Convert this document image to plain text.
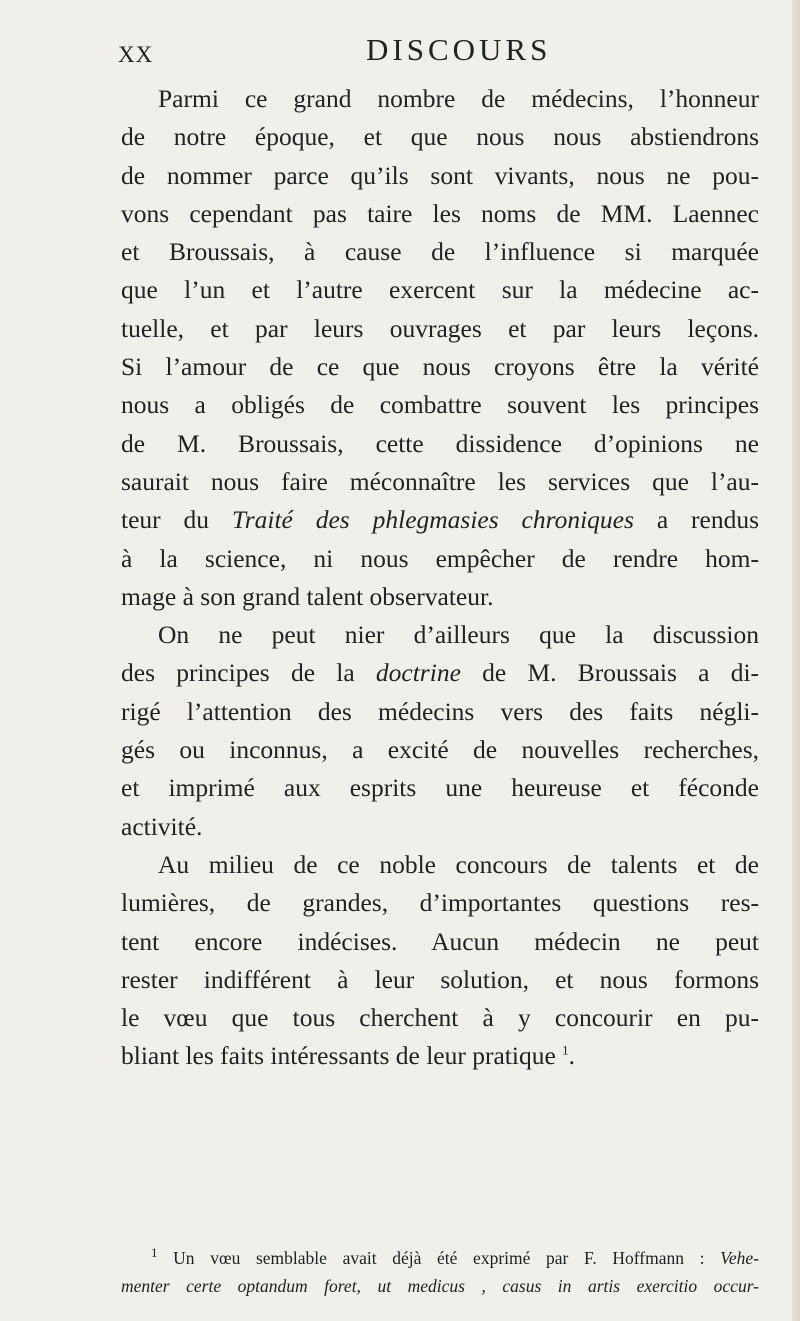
XX	DISCOURS
Parmi ce grand nombre de médecins, l’honneur
de notre époque, et que nous nous abstiendrons
de nommer parce qu’ils sont vivants, nous ne pou-
vons cependant pas taire les noms de MM. Laennec
et Broussais, à cause de l’influence si marquée
que l’un et l’autre exercent sur la médecine ac-
tuelle, et par leurs ouvrages et par leurs leçons.
Si l’amour de ce que nous croyons être la vérité
nous a obligés de combattre souvent les principes
de M. Broussais, cette dissidence d’opinions ne
saurait nous faire méconnaître les services que l’au-
teur du Traité des phlegmasies chroniques a rendus
à la science, ni nous empêcher de rendre hom-
mage à son grand talent observateur.
On ne peut nier d’ailleurs que la discussion
des principes de la doctrine de M. Broussais a di-
rigé l’attention des médecins vers des faits négli-
gés ou inconnus, a excité de nouvelles recherches,
et imprimé aux esprits une heureuse et féconde
activité.
Au milieu de ce noble concours de talents et de
lumières, de grandes, d’importantes questions res-
tent encore indécises. Aucun médecin ne peut
rester indifférent à leur solution, et nous formons
le vœu que tous cherchent à y concourir en pu-
bliant les faits intéressants de leur pratique $^1$.
$^1$ Un vœu semblable avait déjà été exprimé par F. Hoffmann : Vehe-
menter certe optandum foret, ut medicus , casus in artis exercitio occur-
